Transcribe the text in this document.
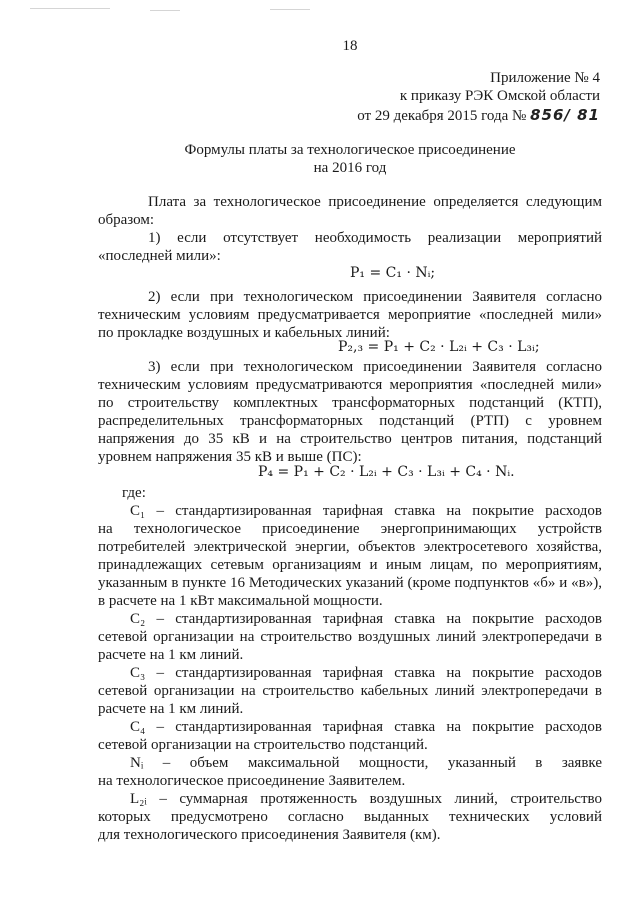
18
Приложение № 4
к приказу РЭК Омской области
от 29 декабря 2015 года № 856/ 81
Формулы платы за технологическое присоединение
на 2016 год
Плата за технологическое присоединение определяется следующим
образом:
1) если отсутствует необходимость реализации мероприятий
«последней мили»:
P₁ = C₁ · Nᵢ;
2) если при технологическом присоединении Заявителя согласно
техническим условиям предусматривается мероприятие «последней мили»
по прокладке воздушных и кабельных линий:
P₂,₃ = P₁ + C₂ · L₂ᵢ + C₃ · L₃ᵢ;
3) если при технологическом присоединении Заявителя согласно
техническим условиям предусматриваются мероприятия «последней мили»
по строительству комплектных трансформаторных подстанций (КТП),
распределительных трансформаторных подстанций (РТП) с уровнем
напряжения до 35 кВ и на строительство центров питания, подстанций
уровнем напряжения 35 кВ и выше (ПС):
P₄ = P₁ + C₂ · L₂ᵢ + C₃ · L₃ᵢ + C₄ · Nᵢ.
где:
C₁ – стандартизированная тарифная ставка на покрытие расходов
на технологическое присоединение энергопринимающих устройств
потребителей электрической энергии, объектов электросетевого хозяйства,
принадлежащих сетевым организациям и иным лицам, по мероприятиям,
указанным в пункте 16 Методических указаний (кроме подпунктов «б» и «в»),
в расчете на 1 кВт максимальной мощности.
C₂ – стандартизированная тарифная ставка на покрытие расходов
сетевой организации на строительство воздушных линий электропередачи в
расчете на 1 км линий.
C₃ – стандартизированная тарифная ставка на покрытие расходов
сетевой организации на строительство кабельных линий электропередачи в
расчете на 1 км линий.
C₄ – стандартизированная тарифная ставка на покрытие расходов
сетевой организации на строительство подстанций.
Nᵢ – объем максимальной мощности, указанный в заявке
на технологическое присоединение Заявителем.
L₂ᵢ – суммарная протяженность воздушных линий, строительство
которых предусмотрено согласно выданных технических условий
для технологического присоединения Заявителя (км).
